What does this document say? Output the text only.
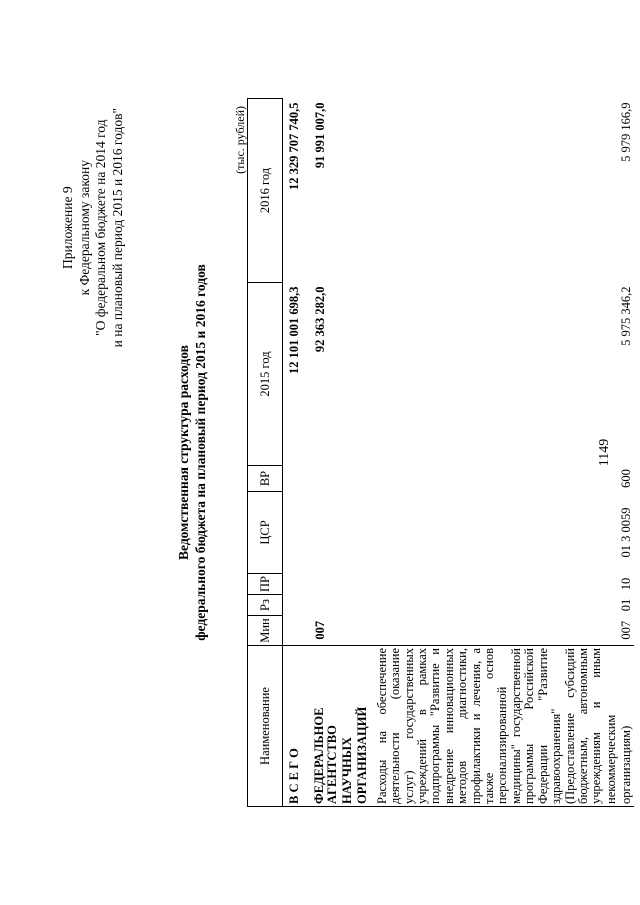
1149
Приложение 9 к Федеральному закону "О федеральном бюджете на 2014 год и на плановый период 2015 и 2016 годов"
Ведомственная структура расходов федерального бюджета на плановый период 2015 и 2016 годов
(тыс. рублей)
Наименование	Мин	Рз	ПР	ЦСР	ВР	2015 год	2016 год
В С Е Г О						12 101 001 698,3	12 329 707 740,5

ФЕДЕРАЛЬНОЕ АГЕНТСТВО НАУЧНЫХ ОРГАНИЗАЦИЙ	007					92 363 282,0	91 991 007,0

Расходы на обеспечение деятельности (оказание услуг) государственных учреждений в рамках подпрограммы "Развитие и внедрение инновационных методов диагностики, профилактики и лечения, а также основ персонализированной медицины" государственной программы Российской Федерации "Развитие здравоохранения" (Предоставление субсидий бюджетным, автономным учреждениям и иным некоммерческим организациям)	007	01	10	01 3 0059	600	5 975 346,2	5 979 166,9
